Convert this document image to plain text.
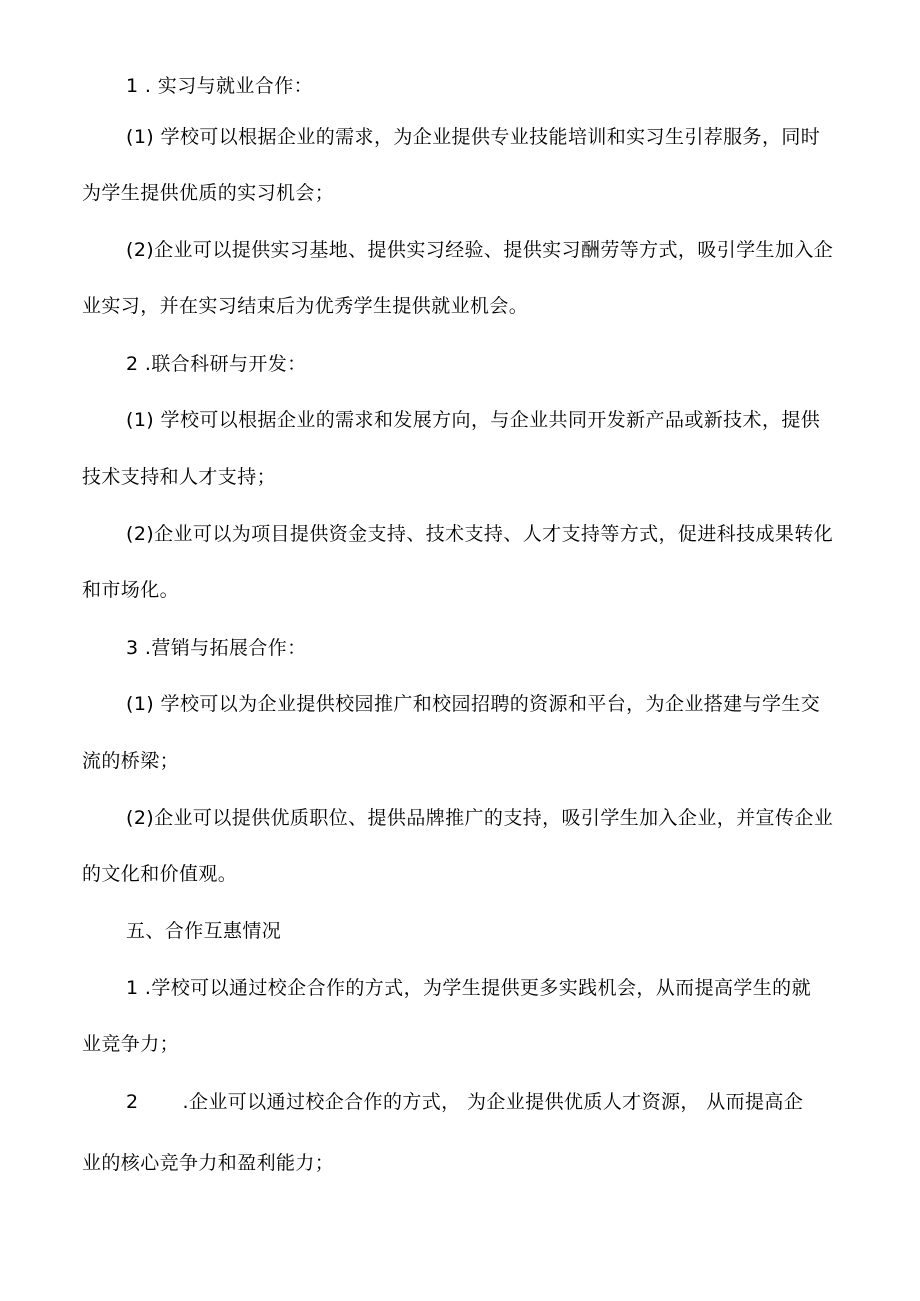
1 . 实习与就业合作：
(1) 学校可以根据企业的需求，为企业提供专业技能培训和实习生引荐服务，同时
为学生提供优质的实习机会；
(2)企业可以提供实习基地、提供实习经验、提供实习酬劳等方式，吸引学生加入企
业实习，并在实习结束后为优秀学生提供就业机会。
2 .联合科研与开发：
(1) 学校可以根据企业的需求和发展方向，与企业共同开发新产品或新技术，提供
技术支持和人才支持；
(2)企业可以为项目提供资金支持、技术支持、人才支持等方式，促进科技成果转化
和市场化。
3 .营销与拓展合作：
(1) 学校可以为企业提供校园推广和校园招聘的资源和平台，为企业搭建与学生交
流的桥梁；
(2)企业可以提供优质职位、提供品牌推广的支持，吸引学生加入企业，并宣传企业
的文化和价值观。
五、合作互惠情况
1 .学校可以通过校企合作的方式，为学生提供更多实践机会，从而提高学生的就
业竞争力；
2 .企业可以通过校企合作的方式， 为企业提供优质人才资源， 从而提高企
业的核心竞争力和盈利能力；
